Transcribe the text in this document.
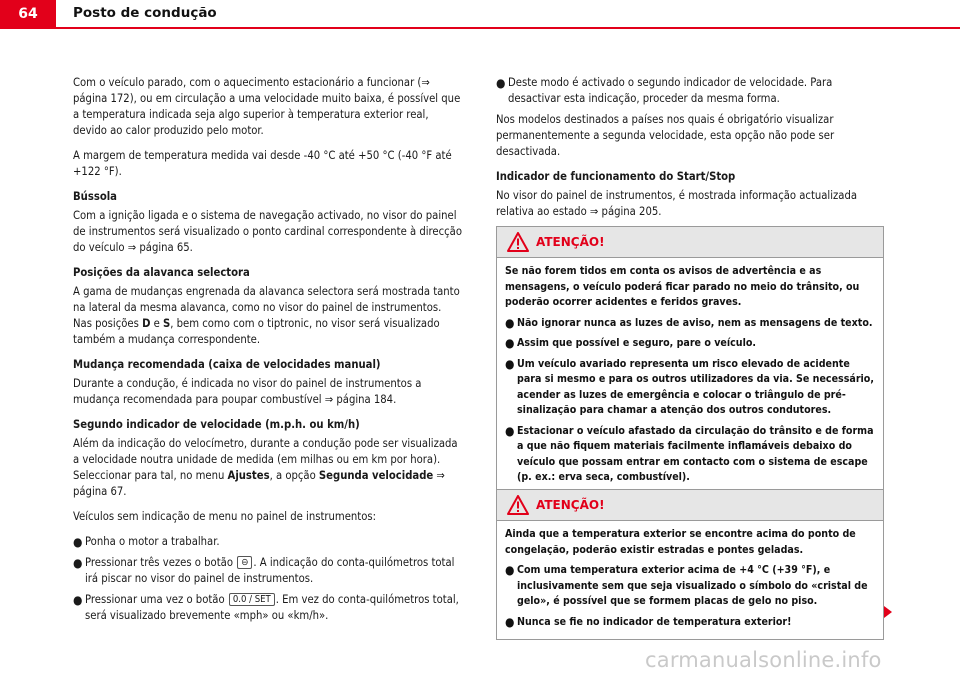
64	Posto de condução

Com o veículo parado, com o aquecimento estacionário a funcionar (⇒ página 172), ou em circulação a uma velocidade muito baixa, é possível que a temperatura indicada seja algo superior à temperatura exterior real, devido ao calor produzido pelo motor.

A margem de temperatura medida vai desde -40 °C até +50 °C (-40 °F até +122 °F).

Bússola

Com a ignição ligada e o sistema de navegação activado, no visor do painel de instrumentos será visualizado o ponto cardinal correspondente à direcção do veículo ⇒ página 65.

Posições da alavanca selectora

A gama de mudanças engrenada da alavanca selectora será mostrada tanto na lateral da mesma alavanca, como no visor do painel de instrumentos. Nas posições D e S, bem como com o tiptronic, no visor será visualizado também a mudança correspondente.

Mudança recomendada (caixa de velocidades manual)

Durante a condução, é indicada no visor do painel de instrumentos a mudança recomendada para poupar combustível ⇒ página 184.

Segundo indicador de velocidade (m.p.h. ou km/h)

Além da indicação do velocímetro, durante a condução pode ser visualizada a velocidade noutra unidade de medida (em milhas ou em km por hora). Seleccionar para tal, no menu Ajustes, a opção Segunda velocidade ⇒ página 67.

Veículos sem indicação de menu no painel de instrumentos:

● Ponha o motor a trabalhar.
● Pressionar três vezes o botão ⊖ . A indicação do conta-quilómetros total irá piscar no visor do painel de instrumentos.
● Pressionar uma vez o botão 0.0 / SET . Em vez do conta-quilómetros total, será visualizado brevemente «mph» ou «km/h».
● Deste modo é activado o segundo indicador de velocidade. Para desactivar esta indicação, proceder da mesma forma.

Nos modelos destinados a países nos quais é obrigatório visualizar permanentemente a segunda velocidade, esta opção não pode ser desactivada.

Indicador de funcionamento do Start/Stop

No visor do painel de instrumentos, é mostrada informação actualizada relativa ao estado ⇒ página 205.

ATENÇÃO!

Se não forem tidos em conta os avisos de advertência e as mensagens, o veículo poderá ficar parado no meio do trânsito, ou poderão ocorrer acidentes e feridos graves.

● Não ignorar nunca as luzes de aviso, nem as mensagens de texto.
● Assim que possível e seguro, pare o veículo.
● Um veículo avariado representa um risco elevado de acidente para si mesmo e para os outros utilizadores da via. Se necessário, acender as luzes de emergência e colocar o triângulo de pré-sinalização para chamar a atenção dos outros condutores.
● Estacionar o veículo afastado da circulação do trânsito e de forma a que não fiquem materiais facilmente inflamáveis debaixo do veículo que possam entrar em contacto com o sistema de escape (p. ex.: erva seca, combustível).
ATENÇÃO!

Ainda que a temperatura exterior se encontre acima do ponto de congelação, poderão existir estradas e pontes geladas.

● Com uma temperatura exterior acima de +4 °C (+39 °F), e inclusivamente sem que seja visualizado o símbolo do «cristal de gelo», é possível que se formem placas de gelo no piso.
● Nunca se fie no indicador de temperatura exterior!
carmanualsonline.info
